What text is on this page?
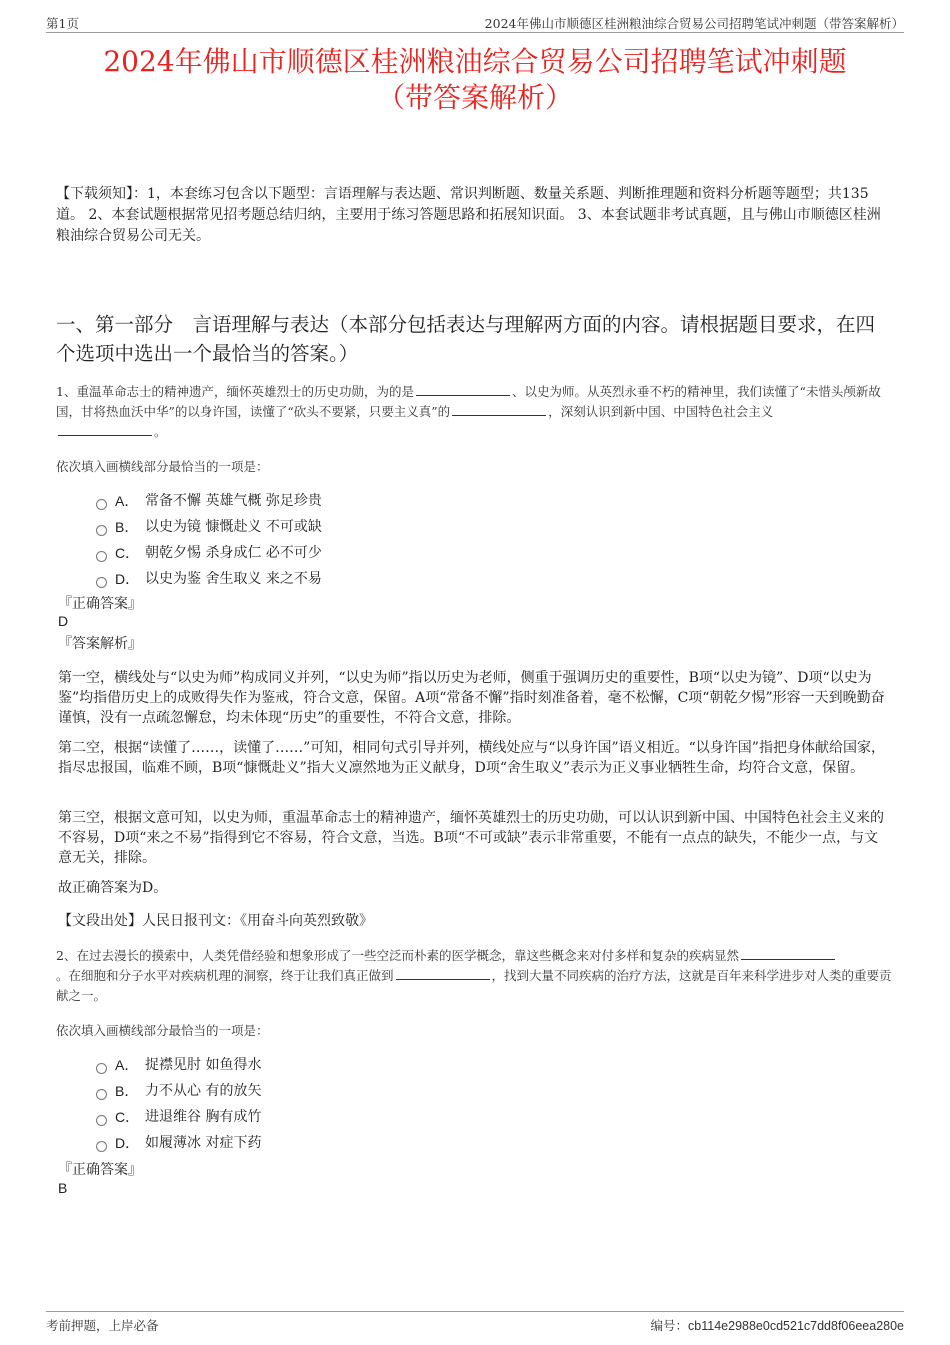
第1页	2024年佛山市顺德区桂洲粮油综合贸易公司招聘笔试冲刺题（带答案解析）
2024年佛山市顺德区桂洲粮油综合贸易公司招聘笔试冲刺题
（带答案解析）
【下载须知】：1，本套练习包含以下题型：言语理解与表达题、常识判断题、数量关系题、判断推理题和资料分析题等题型；共135道。 2、本套试题根据常见招考题总结归纳，主要用于练习答题思路和拓展知识面。 3、本套试题非考试真题，且与佛山市顺德区桂洲粮油综合贸易公司无关。
一、第一部分　言语理解与表达（本部分包括表达与理解两方面的内容。请根据题目要求，在四个选项中选出一个最恰当的答案。）
1、重温革命志士的精神遗产，缅怀英雄烈士的历史功勋，为的是	、以史为师。从英烈永垂不朽的精神里，我们读懂了“未惜头颅新故国，甘将热血沃中华”的以身许国，读懂了“砍头不要紧，只要主义真”的	，深刻认识到新中国、中国特色社会主义
。
依次填入画横线部分最恰当的一项是：
A． 常备不懈 英雄气概 弥足珍贵
B． 以史为镜 慷慨赴义 不可或缺
C． 朝乾夕惕 杀身成仁 必不可少
D． 以史为鉴 舍生取义 来之不易
『正确答案』
D
『答案解析』
第一空，横线处与“以史为师”构成同义并列，“以史为师”指以历史为老师，侧重于强调历史的重要性，B项“以史为镜”、D项“以史为鉴”均指借历史上的成败得失作为鉴戒，符合文意，保留。A项“常备不懈”指时刻准备着，毫不松懈，C项“朝乾夕惕”形容一天到晚勤奋谨慎，没有一点疏忽懈怠，均未体现“历史”的重要性，不符合文意，排除。
第二空，根据“读懂了……，读懂了……”可知，相同句式引导并列，横线处应与“以身许国”语义相近。“以身许国”指把身体献给国家，指尽忠报国，临难不顾，B项“慷慨赴义”指大义凛然地为正义献身，D项“舍生取义”表示为正义事业牺牲生命，均符合文意，保留。
第三空，根据文意可知，以史为师，重温革命志士的精神遗产，缅怀英雄烈士的历史功勋，可以认识到新中国、中国特色社会主义来的不容易，D项“来之不易”指得到它不容易，符合文意，当选。B项“不可或缺”表示非常重要，不能有一点点的缺失，不能少一点，与文意无关，排除。
故正确答案为D。
【文段出处】人民日报刊文：《用奋斗向英烈致敬》
2、在过去漫长的摸索中，人类凭借经验和想象形成了一些空泛而朴素的医学概念，靠这些概念来对付多样和复杂的疾病显然
。在细胞和分子水平对疾病机理的洞察，终于让我们真正做到	，找到大量不同疾病的治疗方法，这就是百年来科学进步对人类的重要贡献之一。
依次填入画横线部分最恰当的一项是：
A． 捉襟见肘 如鱼得水
B． 力不从心 有的放矢
C． 进退维谷 胸有成竹
D． 如履薄冰 对症下药
『正确答案』
B
考前押题，上岸必备	编号：cb114e2988e0cd521c7dd8f06eea280e
